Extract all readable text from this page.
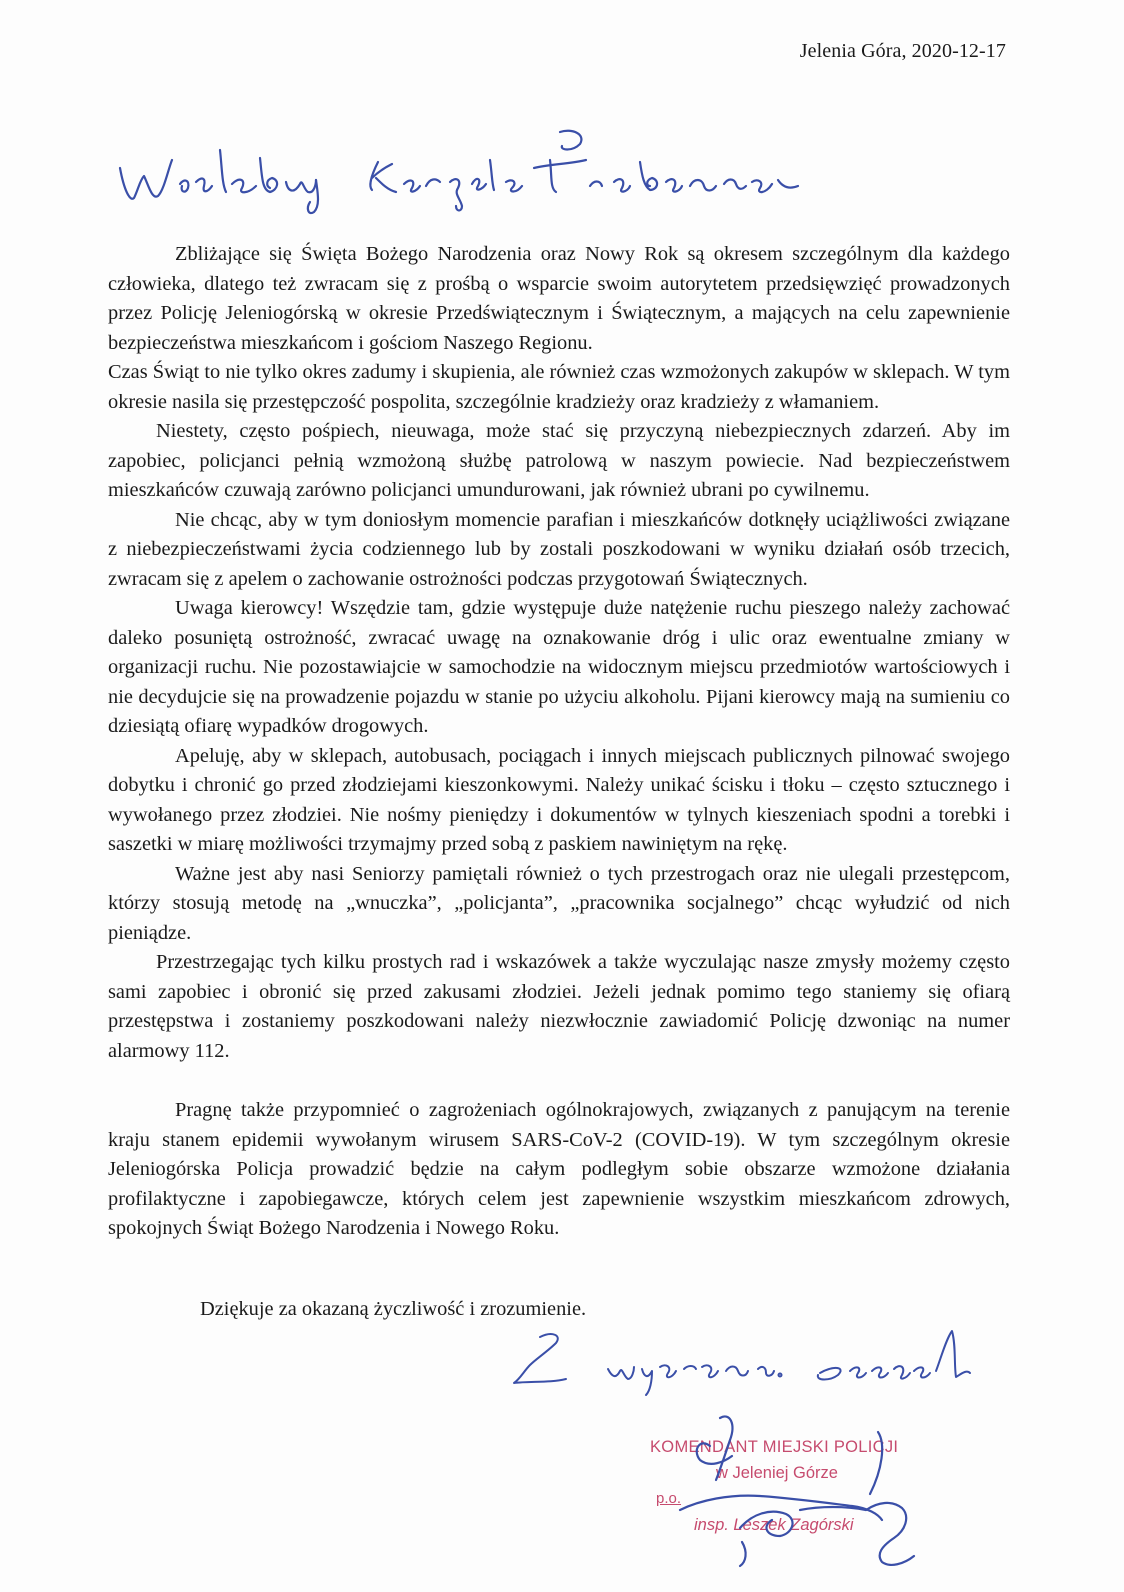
Jelenia Góra, 2020-12-17

Zbliżające się Święta Bożego Narodzenia oraz Nowy Rok są okresem szczególnym dla każdego człowieka, dlatego też zwracam się z prośbą o wsparcie swoim autorytetem przedsięwzięć prowadzonych przez Policję Jeleniogórską w okresie Przedświątecznym i Świątecznym, a mających na celu zapewnienie bezpieczeństwa mieszkańcom i gościom Naszego Regionu.

Czas Świąt to nie tylko okres zadumy i skupienia, ale również czas wzmożonych zakupów w sklepach. W tym okresie nasila się przestępczość pospolita, szczególnie kradzieży oraz kradzieży z włamaniem.

Niestety, często pośpiech, nieuwaga, może stać się przyczyną niebezpiecznych zdarzeń. Aby im zapobiec, policjanci pełnią wzmożoną służbę patrolową w naszym powiecie. Nad bezpieczeństwem mieszkańców czuwają zarówno policjanci umundurowani, jak również ubrani po cywilnemu.

Nie chcąc, aby w tym doniosłym momencie parafian i mieszkańców dotknęły uciążliwości związane z niebezpieczeństwami życia codziennego lub by zostali poszkodowani w wyniku działań osób trzecich, zwracam się z apelem o zachowanie ostrożności podczas przygotowań Świątecznych.

Uwaga kierowcy! Wszędzie tam, gdzie występuje duże natężenie ruchu pieszego należy zachować daleko posuniętą ostrożność, zwracać uwagę na oznakowanie dróg i ulic oraz ewentualne zmiany w organizacji ruchu. Nie pozostawiajcie w samochodzie na widocznym miejscu przedmiotów wartościowych i nie decydujcie się na prowadzenie pojazdu w stanie po użyciu alkoholu. Pijani kierowcy mają na sumieniu co dziesiątą ofiarę wypadków drogowych.

Apeluję, aby w sklepach, autobusach, pociągach i innych miejscach publicznych pilnować swojego dobytku i chronić go przed złodziejami kieszonkowymi. Należy unikać ścisku i tłoku – często sztucznego i wywołanego przez złodziei. Nie nośmy pieniędzy i dokumentów w tylnych kieszeniach spodni a torebki i saszetki w miarę możliwości trzymajmy przed sobą z paskiem nawiniętym na rękę.

Ważne jest aby nasi Seniorzy pamiętali również o tych przestrogach oraz nie ulegali przestępcom, którzy stosują metodę na „wnuczka”, „policjanta”, „pracownika socjalnego” chcąc wyłudzić od nich pieniądze.

Przestrzegając tych kilku prostych rad i wskazówek a także wyczulając nasze zmysły możemy często sami zapobiec i obronić się przed zakusami złodziei. Jeżeli jednak pomimo tego staniemy się ofiarą przestępstwa i zostaniemy poszkodowani należy niezwłocznie zawiadomić Policję dzwoniąc na numer alarmowy 112.

Pragnę także przypomnieć o zagrożeniach ogólnokrajowych, związanych z panującym na terenie kraju stanem epidemii wywołanym wirusem SARS-CoV-2 (COVID-19). W tym szczególnym okresie Jeleniogórska Policja prowadzić będzie na całym podległym sobie obszarze wzmożone działania profilaktyczne i zapobiegawcze, których celem jest zapewnienie wszystkim mieszkańcom zdrowych, spokojnych Świąt Bożego Narodzenia i Nowego Roku.

Dziękuje za okazaną życzliwość i zrozumienie.
KOMENDANT MIEJSKI POLICJI
w Jeleniej Górze
p.o.
insp. Leszek Zagórski
